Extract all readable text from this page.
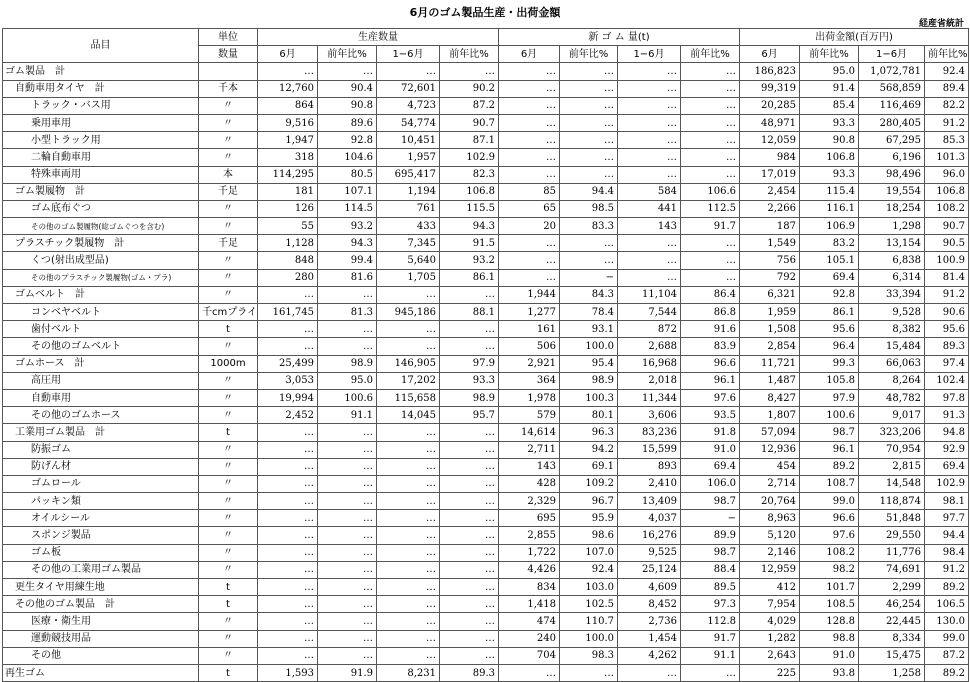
6月のゴム製品生産・出荷金額
経産省統計
品目	単位	生産数量				新 ゴ ム 量(t)				出荷金額(百万円)			
	数量	6月	前年比%	1−6月	前年比%	6月	前年比%	1−6月	前年比%	6月	前年比%	1−6月	前年比%
ゴム製品　計		…	…	…	…	…	…	…	…	186,823	95.0	1,072,781	92.4
自動車用タイヤ　計	千本	12,760	90.4	72,601	90.2	…	…	…	…	99,319	91.4	568,859	89.4
トラック・バス用	〃	864	90.8	4,723	87.2	…	…	…	…	20,285	85.4	116,469	82.2
乗用車用	〃	9,516	89.6	54,774	90.7	…	…	…	…	48,971	93.3	280,405	91.2
小型トラック用	〃	1,947	92.8	10,451	87.1	…	…	…	…	12,059	90.8	67,295	85.3
二輪自動車用	〃	318	104.6	1,957	102.9	…	…	…	…	984	106.8	6,196	101.3
特殊車両用	本	114,295	80.5	695,417	82.3	…	…	…	…	17,019	93.3	98,496	96.0
ゴム製履物　計	千足	181	107.1	1,194	106.8	85	94.4	584	106.6	2,454	115.4	19,554	106.8
ゴム底布ぐつ	〃	126	114.5	761	115.5	65	98.5	441	112.5	2,266	116.1	18,254	108.2
その他のゴム製履物(総ゴムぐつを含む)	〃	55	93.2	433	94.3	20	83.3	143	91.7	187	106.9	1,298	90.7
プラスチック製履物　計	千足	1,128	94.3	7,345	91.5	…	…	…	…	1,549	83.2	13,154	90.5
くつ(射出成型品)	〃	848	99.4	5,640	93.2	…	…	…	…	756	105.1	6,838	100.9
その他のプラスチック製履物(ゴム・プラ)	〃	280	81.6	1,705	86.1	…	−	…	…	792	69.4	6,314	81.4
ゴムベルト　計	〃	…	…	…	…	1,944	84.3	11,104	86.4	6,321	92.8	33,394	91.2
コンベヤベルト	千cmプライ	161,745	81.3	945,186	88.1	1,277	78.4	7,544	86.8	1,959	86.1	9,528	90.6
歯付ベルト	t	…	…	…	…	161	93.1	872	91.6	1,508	95.6	8,382	95.6
その他のゴムベルト	〃	…	…	…	…	506	100.0	2,688	83.9	2,854	96.4	15,484	89.3
ゴムホース　計	1000m	25,499	98.9	146,905	97.9	2,921	95.4	16,968	96.6	11,721	99.3	66,063	97.4
高圧用	〃	3,053	95.0	17,202	93.3	364	98.9	2,018	96.1	1,487	105.8	8,264	102.4
自動車用	〃	19,994	100.6	115,658	98.9	1,978	100.3	11,344	97.6	8,427	97.9	48,782	97.8
その他のゴムホース	〃	2,452	91.1	14,045	95.7	579	80.1	3,606	93.5	1,807	100.6	9,017	91.3
工業用ゴム製品　計	t	…	…	…	…	14,614	96.3	83,236	91.8	57,094	98.7	323,206	94.8
防振ゴム	〃	…	…	…	…	2,711	94.2	15,599	91.0	12,936	96.1	70,954	92.9
防げん材	〃	…	…	…	…	143	69.1	893	69.4	454	89.2	2,815	69.4
ゴムロール	〃	…	…	…	…	428	109.2	2,410	106.0	2,714	108.7	14,548	102.9
パッキン類	〃	…	…	…	…	2,329	96.7	13,409	98.7	20,764	99.0	118,874	98.1
オイルシール	〃	…	…	…	…	695	95.9	4,037	−	8,963	96.6	51,848	97.7
スポンジ製品	〃	…	…	…	…	2,855	98.6	16,276	89.9	5,120	97.6	29,550	94.4
ゴム板	〃	…	…	…	…	1,722	107.0	9,525	98.7	2,146	108.2	11,776	98.4
その他の工業用ゴム製品	〃	…	…	…	…	4,426	92.4	25,124	88.4	12,959	98.2	74,691	91.2
更生タイヤ用練生地	t	…	…	…	…	834	103.0	4,609	89.5	412	101.7	2,299	89.2
その他のゴム製品　計	t	…	…	…	…	1,418	102.5	8,452	97.3	7,954	108.5	46,254	106.5
医療・衛生用	〃	…	…	…	…	474	110.7	2,736	112.8	4,029	128.8	22,445	130.0
運動競技用品	〃	…	…	…	…	240	100.0	1,454	91.7	1,282	98.8	8,334	99.0
その他	〃	…	…	…	…	704	98.3	4,262	91.1	2,643	91.0	15,475	87.2
再生ゴム	t	1,593	91.9	8,231	89.3	…	…	…	…	225	93.8	1,258	89.2
